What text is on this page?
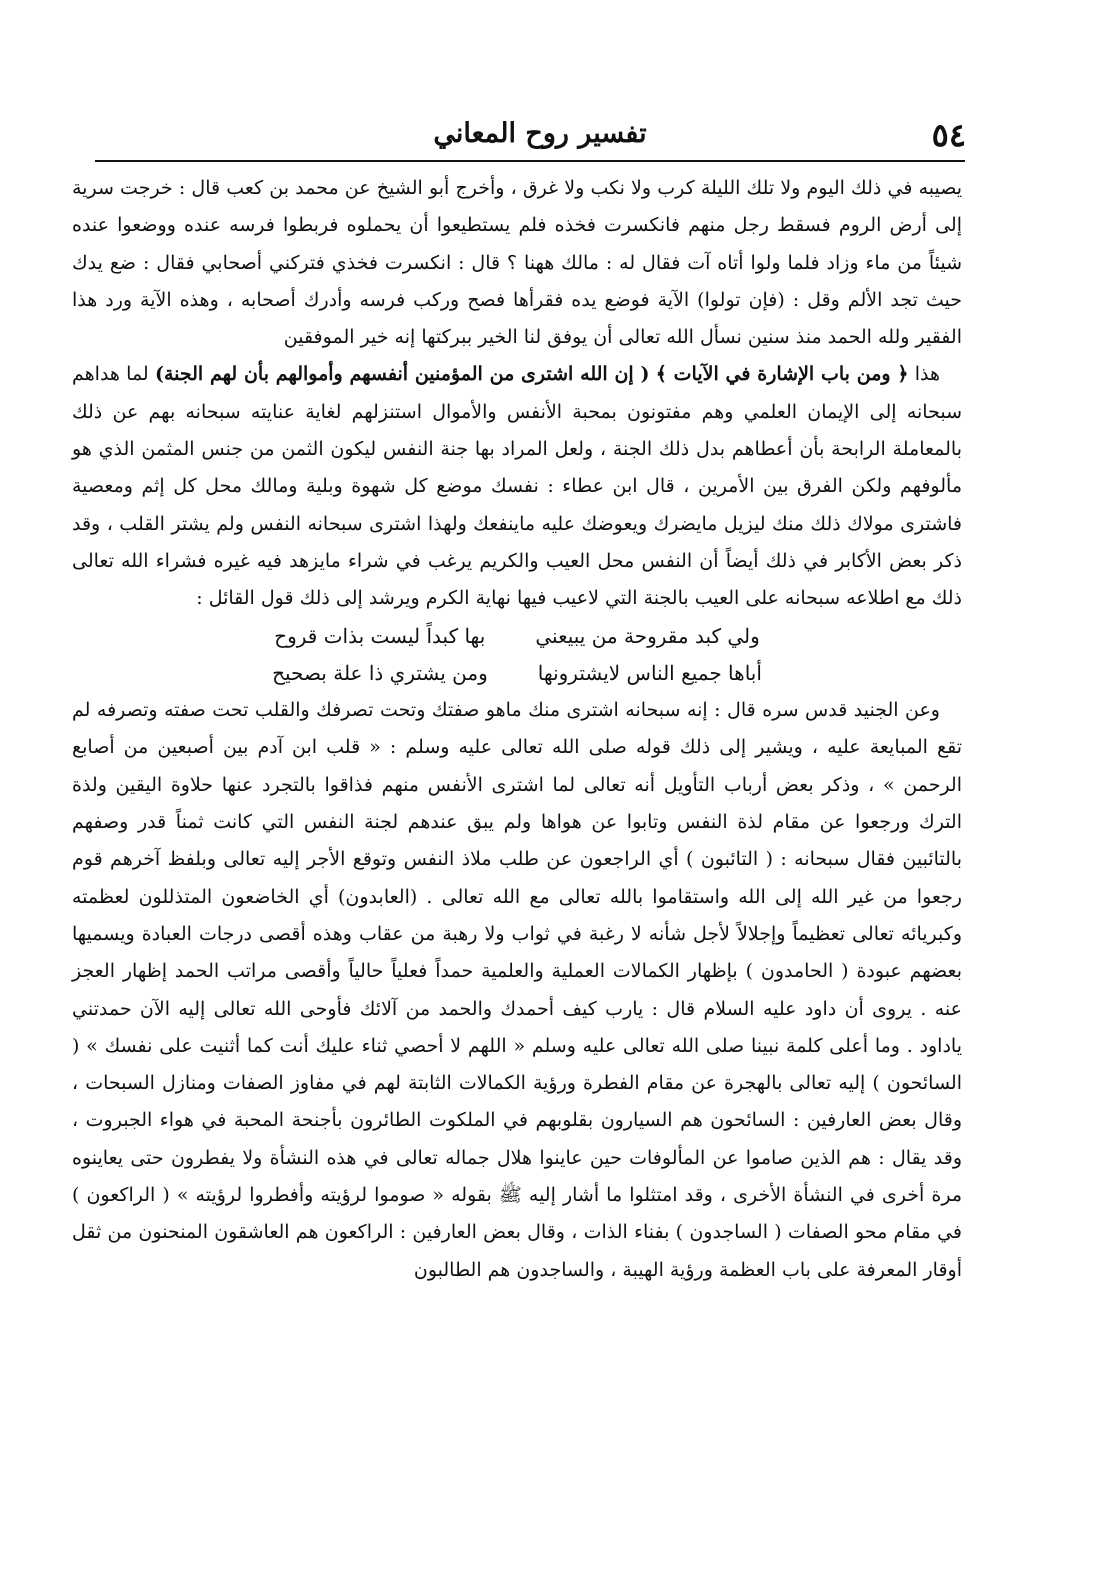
٥٤
تفسير روح المعاني

يصيبه في ذلك اليوم ولا تلك الليلة كرب ولا نكب ولا غرق ، وأخرج أبو الشيخ عن محمد بن كعب قال : خرجت سرية إلى أرض الروم فسقط رجل منهم فانكسرت فخذه فلم يستطيعوا أن يحملوه فربطوا فرسه عنده ووضعوا عنده شيئاً من ماء وزاد فلما ولوا أتاه آت فقال له : مالك ههنا ؟ قال : انكسرت فخذي فتركني أصحابي فقال : ضع يدك حيث تجد الألم وقل : (فإن تولوا) الآية فوضع يده فقرأها فصح وركب فرسه وأدرك أصحابه ، وهذه الآية ورد هذا الفقير ولله الحمد منذ سنين نسأل الله تعالى أن يوفق لنا الخير ببركتها إنه خير الموفقين

هذا ﴿ ومن باب الإشارة في الآيات ﴾ ( إن الله اشترى من المؤمنين أنفسهم وأموالهم بأن لهم الجنة) لما هداهم سبحانه إلى الإيمان العلمي وهم مفتونون بمحبة الأنفس والأموال استنزلهم لغاية عنايته سبحانه بهم عن ذلك بالمعاملة الرابحة بأن أعطاهم بدل ذلك الجنة ، ولعل المراد بها جنة النفس ليكون الثمن من جنس المثمن الذي هو مألوفهم ولكن الفرق بين الأمرين ، قال ابن عطاء : نفسك موضع كل شهوة وبلية ومالك محل كل إثم ومعصية فاشترى مولاك ذلك منك ليزيل مايضرك ويعوضك عليه ماينفعك ولهذا اشترى سبحانه النفس ولم يشتر القلب ، وقد ذكر بعض الأكابر في ذلك أيضاً أن النفس محل العيب والكريم يرغب في شراء مايزهد فيه غيره فشراء الله تعالى ذلك مع اطلاعه سبحانه على العيب بالجنة التي لاعيب فيها نهاية الكرم ويرشد إلى ذلك قول القائل :

ولي كبد مقروحة من يبيعني
بها كبداً ليست بذات قروح
أباها جميع الناس لايشترونها
ومن يشتري ذا علة بصحيح

وعن الجنيد قدس سره قال : إنه سبحانه اشترى منك ماهو صفتك وتحت تصرفك والقلب تحت صفته وتصرفه لم تقع المبايعة عليه ، ويشير إلى ذلك قوله صلى الله تعالى عليه وسلم : « قلب ابن آدم بين أصبعين من أصابع الرحمن » ، وذكر بعض أرباب التأويل أنه تعالى لما اشترى الأنفس منهم فذاقوا بالتجرد عنها حلاوة اليقين ولذة الترك ورجعوا عن مقام لذة النفس وتابوا عن هواها ولم يبق عندهم لجنة النفس التي كانت ثمناً قدر وصفهم بالتائبين فقال سبحانه : ( التائبون ) أي الراجعون عن طلب ملاذ النفس وتوقع الأجر إليه تعالى وبلفظ آخرهم قوم رجعوا من غير الله إلى الله واستقاموا بالله تعالى مع الله تعالى . (العابدون) أي الخاضعون المتذللون لعظمته وكبريائه تعالى تعظيماً وإجلالاً لأجل شأنه لا رغبة في ثواب ولا رهبة من عقاب وهذه أقصى درجات العبادة ويسميها بعضهم عبودة ( الحامدون ) بإظهار الكمالات العملية والعلمية حمداً فعلياً حالياً وأقصى مراتب الحمد إظهار العجز عنه . يروى أن داود عليه السلام قال : يارب كيف أحمدك والحمد من آلائك فأوحى الله تعالى إليه الآن حمدتني ياداود . وما أعلى كلمة نبينا صلى الله تعالى عليه وسلم « اللهم لا أحصي ثناء عليك أنت كما أثنيت على نفسك » ( السائحون ) إليه تعالى بالهجرة عن مقام الفطرة ورؤية الكمالات الثابتة لهم في مفاوز الصفات ومنازل السبحات ، وقال بعض العارفين : السائحون هم السيارون بقلوبهم في الملكوت الطائرون بأجنحة المحبة في هواء الجبروت ، وقد يقال : هم الذين صاموا عن المألوفات حين عاينوا هلال جماله تعالى في هذه النشأة ولا يفطرون حتى يعاينوه مرة أخرى في النشأة الأخرى ، وقد امتثلوا ما أشار إليه ﷺ بقوله « صوموا لرؤيته وأفطروا لرؤيته » ( الراكعون ) في مقام محو الصفات ( الساجدون ) بفناء الذات ، وقال بعض العارفين : الراكعون هم العاشقون المنحنون من ثقل أوقار المعرفة على باب العظمة ورؤية الهيبة ، والساجدون هم الطالبون
